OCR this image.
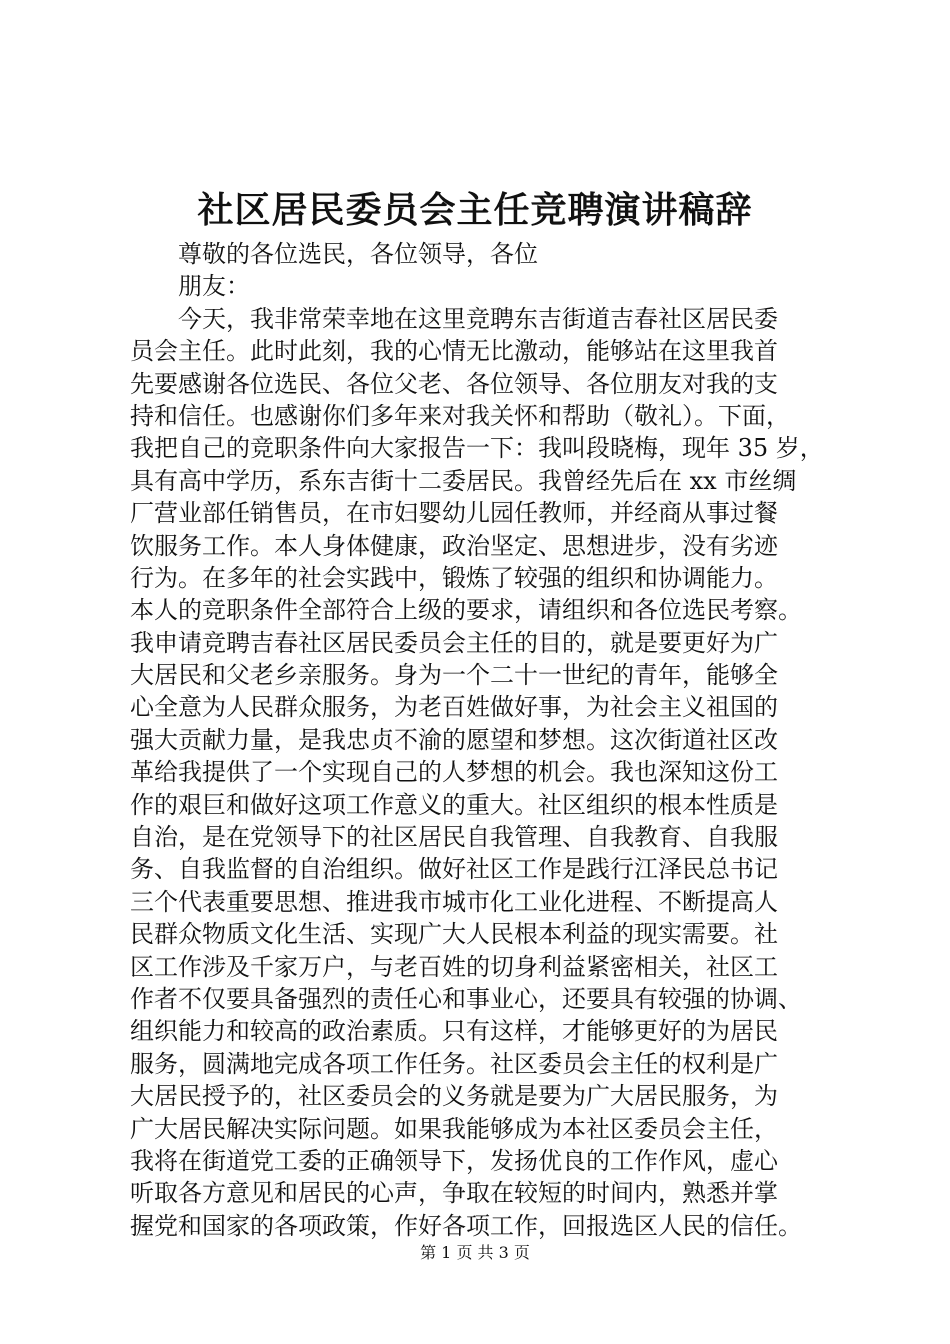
社区居民委员会主任竞聘演讲稿辞
尊敬的各位选民，各位领导，各位
朋友：
今天，我非常荣幸地在这里竞聘东吉街道吉春社区居民委
员会主任。此时此刻，我的心情无比激动，能够站在这里我首
先要感谢各位选民、各位父老、各位领导、各位朋友对我的支
持和信任。也感谢你们多年来对我关怀和帮助（敬礼）。下面，
我把自己的竞职条件向大家报告一下：我叫段晓梅，现年 35 岁，
具有高中学历，系东吉街十二委居民。我曾经先后在 xx 市丝绸
厂营业部任销售员，在市妇婴幼儿园任教师，并经商从事过餐
饮服务工作。本人身体健康，政治坚定、思想进步，没有劣迹
行为。在多年的社会实践中，锻炼了较强的组织和协调能力。
本人的竞职条件全部符合上级的要求，请组织和各位选民考察。
我申请竞聘吉春社区居民委员会主任的目的，就是要更好为广
大居民和父老乡亲服务。身为一个二十一世纪的青年，能够全
心全意为人民群众服务，为老百姓做好事，为社会主义祖国的
强大贡献力量，是我忠贞不渝的愿望和梦想。这次街道社区改
革给我提供了一个实现自己的人梦想的机会。我也深知这份工
作的艰巨和做好这项工作意义的重大。社区组织的根本性质是
自治，是在党领导下的社区居民自我管理、自我教育、自我服
务、自我监督的自治组织。做好社区工作是践行江泽民总书记
三个代表重要思想、推进我市城市化工业化进程、不断提高人
民群众物质文化生活、实现广大人民根本利益的现实需要。社
区工作涉及千家万户，与老百姓的切身利益紧密相关，社区工
作者不仅要具备强烈的责任心和事业心，还要具有较强的协调、
组织能力和较高的政治素质。只有这样，才能够更好的为居民
服务，圆满地完成各项工作任务。社区委员会主任的权利是广
大居民授予的，社区委员会的义务就是要为广大居民服务，为
广大居民解决实际问题。如果我能够成为本社区委员会主任，
我将在街道党工委的正确领导下，发扬优良的工作作风，虚心
听取各方意见和居民的心声，争取在较短的时间内，熟悉并掌
握党和国家的各项政策，作好各项工作，回报选区人民的信任。
第 1 页 共 3 页
